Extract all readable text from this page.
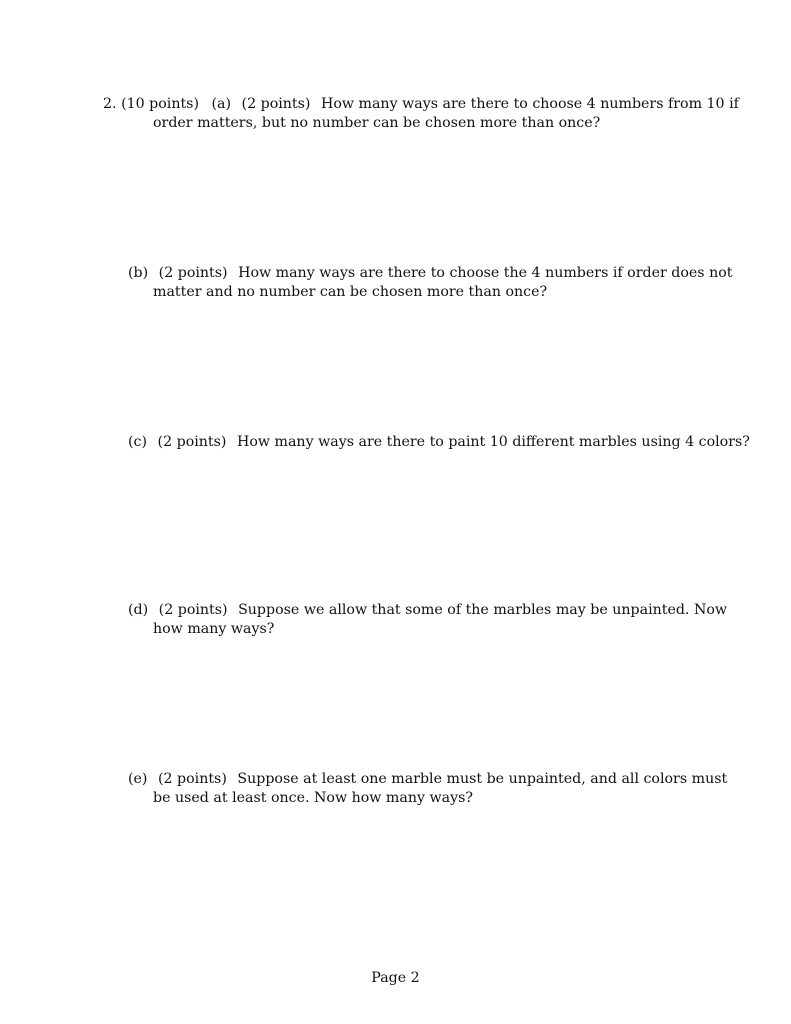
2. (10 points) (a) (2 points) How many ways are there to choose 4 numbers from 10 if
order matters, but no number can be chosen more than once?
(b) (2 points) How many ways are there to choose the 4 numbers if order does not
matter and no number can be chosen more than once?
(c) (2 points) How many ways are there to paint 10 different marbles using 4 colors?
(d) (2 points) Suppose we allow that some of the marbles may be unpainted. Now
how many ways?
(e) (2 points) Suppose at least one marble must be unpainted, and all colors must
be used at least once. Now how many ways?
Page 2
